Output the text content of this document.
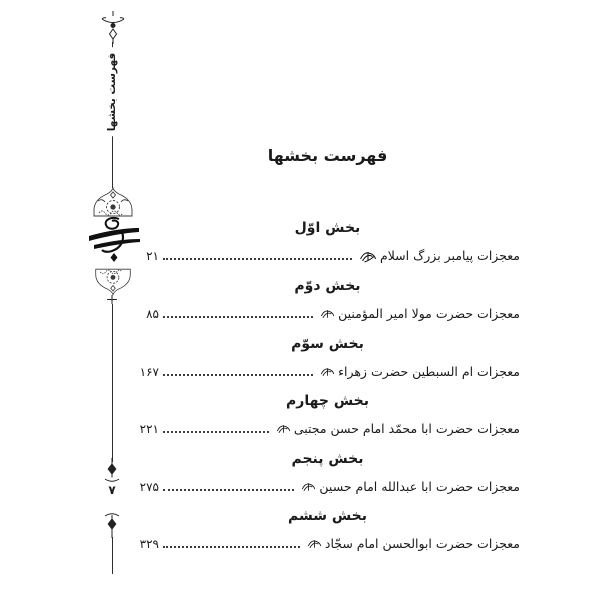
فهرست بخشها
۷
فهرست بخشها
بخش اوّل
معجزات پیامبر بزرگ اسلام
۲۱
بخش دوّم
معجزات حضرت مولا امیر المؤمنین
۸۵
بخش سوّم
معجزات ام السبطین حضرت زهراء
۱۶۷
بخش چهارم
معجزات حضرت ابا محمّد امام حسن مجتبی
۲۲۱
بخش پنجم
معجزات حضرت ابا عبدالله امام حسین
۲۷۵
بخش ششم
معجزات حضرت ابوالحسن امام سجّاد
۳۲۹
